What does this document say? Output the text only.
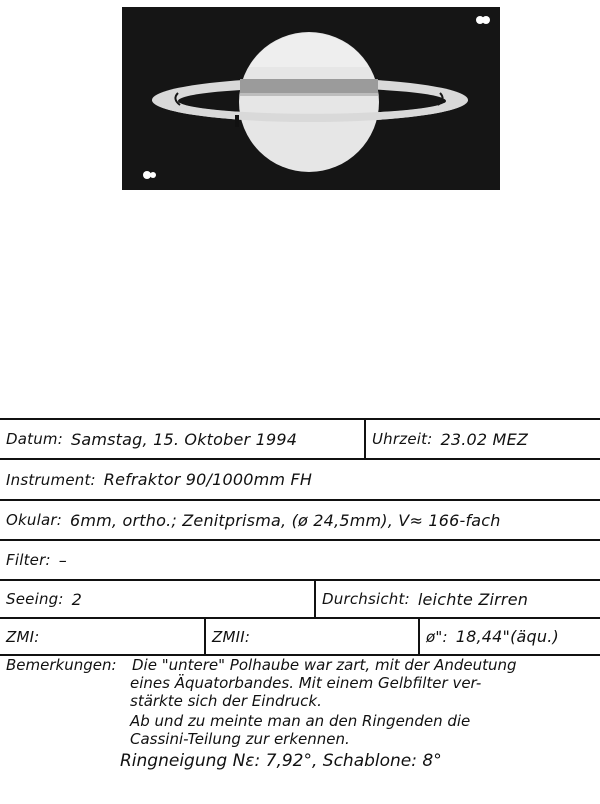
Datum: Samstag, 15. Oktober 1994	Uhrzeit: 23.02 MEZ
Instrument: Refraktor 90/1000mm FH
Okular: 6mm, ortho.; Zenitprisma, (ø 24,5mm), V≈ 166-fach
Filter: –
Seeing: 2	Durchsicht: leichte Zirren
ZMI:	ZMII:	ø": 18,44"(äqu.)
Bemerkungen: Die "untere" Polhaube war zart, mit der Andeutung
eines Äquatorbandes. Mit einem Gelbfilter ver-
stärkte sich der Eindruck.
Ab und zu meinte man an den Ringenden die
Cassini-Teilung zur erkennen.
Ringneigung Nε: 7,92°, Schablone: 8°
